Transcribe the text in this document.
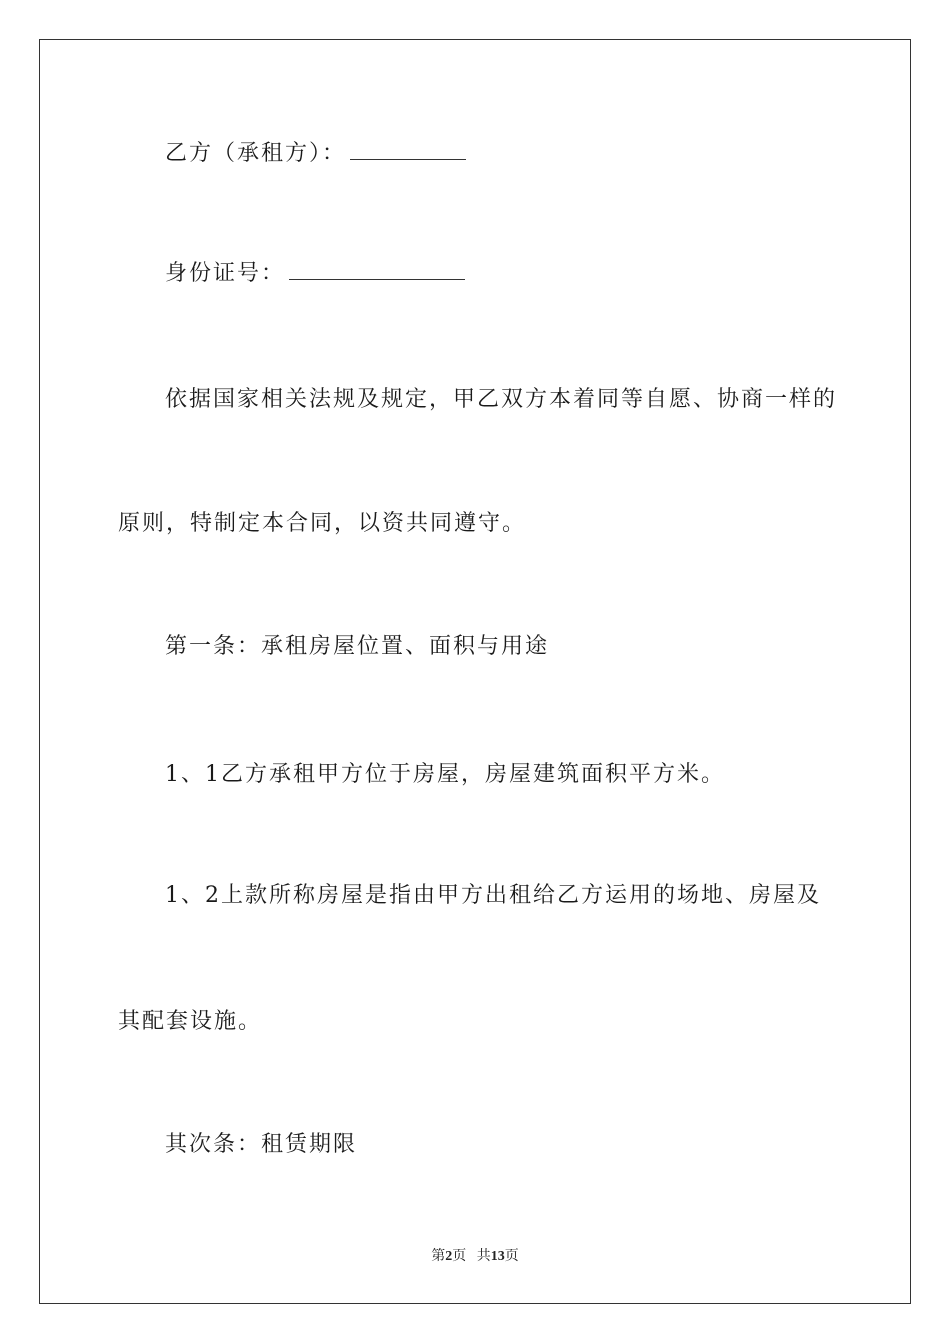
乙方（承租方）：
身份证号：
依据国家相关法规及规定，甲乙双方本着同等自愿、协商一样的
原则，特制定本合同，以资共同遵守。
第一条：承租房屋位置、面积与用途
1、1乙方承租甲方位于房屋，房屋建筑面积平方米。
1、2上款所称房屋是指由甲方出租给乙方运用的场地、房屋及
其配套设施。
其次条：租赁期限
第2页 共13页
